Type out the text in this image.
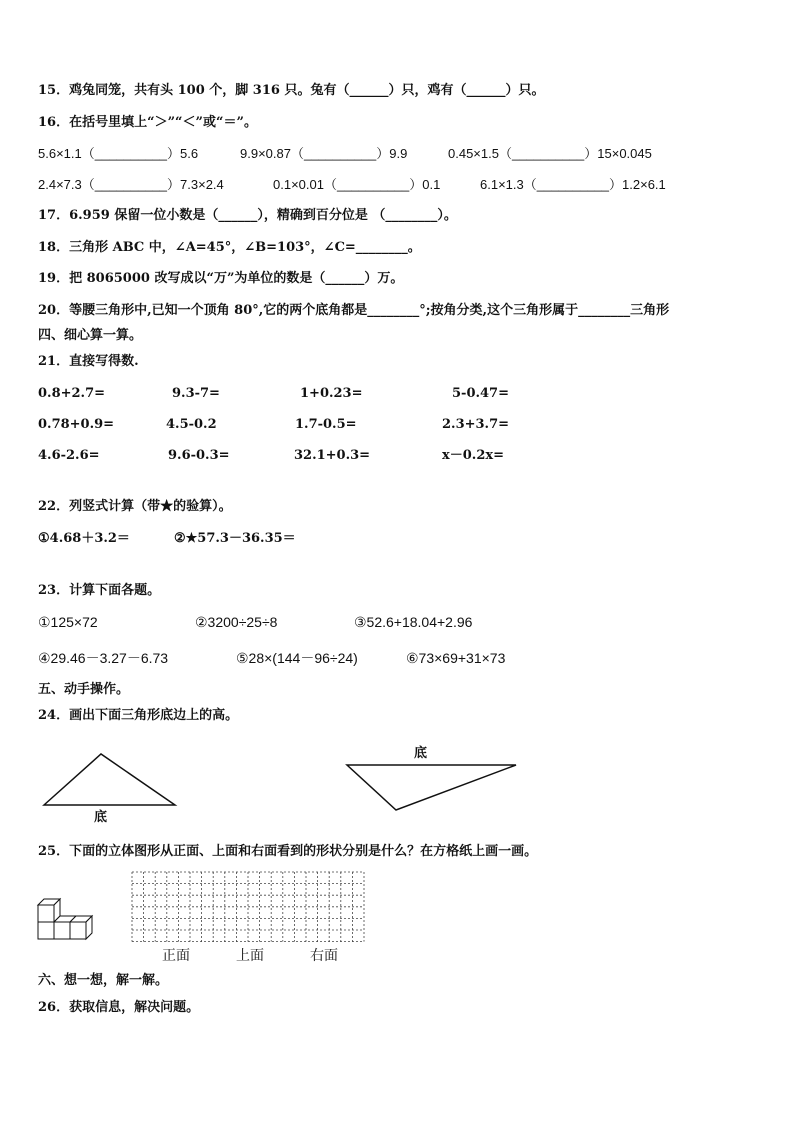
15．鸡兔同笼，共有头 100 个，脚 316 只。兔有（______）只，鸡有（______）只。
16．在括号里填上“＞”“＜”或“＝”。
5.6×1.1（__________）5.6	9.9×0.87（__________）9.9	0.45×1.5（__________）15×0.045
2.4×7.3（__________）7.3×2.4	0.1×0.01（__________）0.1	6.1×1.3（__________）1.2×6.1
17．6.959 保留一位小数是（______），精确到百分位是 （________）。
18．三角形 ABC 中，∠A=45°，∠B=103°，∠C=________。
19．把 8065000 改写成以“万”为单位的数是（______）万。
20．等腰三角形中,已知一个顶角 80°,它的两个底角都是________°;按角分类,这个三角形属于________三角形
四、细心算一算。
21．直接写得数.
0.8+2.7=	9.3-7=	1+0.23=	5-0.47=
0.78+0.9=	4.5-0.2	1.7-0.5=	2.3+3.7=
4.6-2.6=	9.6-0.3=	32.1+0.3=	x－0.2x=
22．列竖式计算（带★的验算）。
①4.68＋3.2＝	②★57.3－36.35＝
23．计算下面各题。
①125×72	②3200÷25÷8	③52.6+18.04+2.96
④29.46－3.27－6.73	⑤28×(144－96÷24)	⑥73×69+31×73
五、动手操作。
24．画出下面三角形底边上的高。
底
底
25．下面的立体图形从正面、上面和右面看到的形状分别是什么？在方格纸上画一画。
正面	上面	右面
六、想一想，解一解。
26．获取信息，解决问题。
